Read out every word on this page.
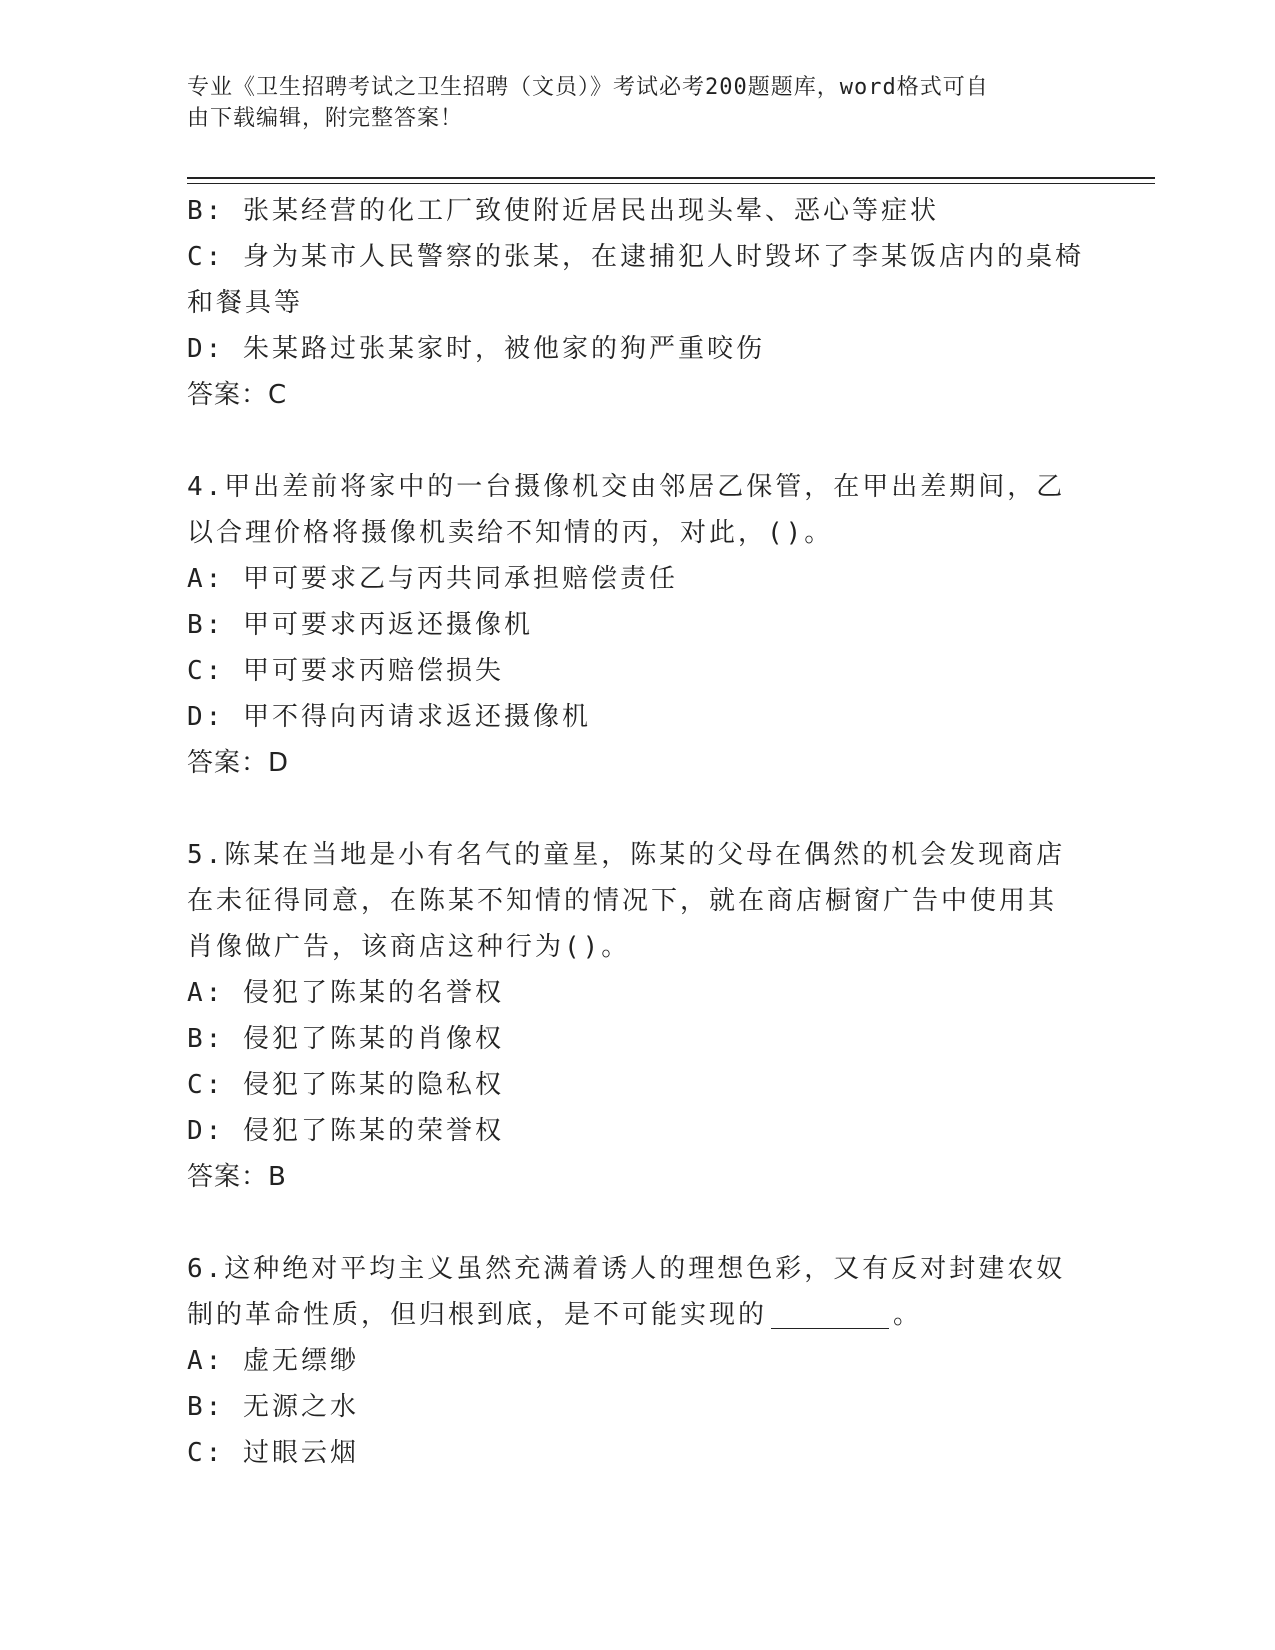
专业《卫生招聘考试之卫生招聘（文员）》考试必考200题题库，word格式可自
由下载编辑，附完整答案！
B: 张某经营的化工厂致使附近居民出现头晕、恶心等症状
C: 身为某市人民警察的张某，在逮捕犯人时毁坏了李某饭店内的桌椅
和餐具等
D: 朱某路过张某家时，被他家的狗严重咬伤
答案：C
4.甲出差前将家中的一台摄像机交由邻居乙保管，在甲出差期间，乙
以合理价格将摄像机卖给不知情的丙，对此，()。
A: 甲可要求乙与丙共同承担赔偿责任
B: 甲可要求丙返还摄像机
C: 甲可要求丙赔偿损失
D: 甲不得向丙请求返还摄像机
答案：D
5.陈某在当地是小有名气的童星，陈某的父母在偶然的机会发现商店
在未征得同意，在陈某不知情的情况下，就在商店橱窗广告中使用其
肖像做广告，该商店这种行为()。
A: 侵犯了陈某的名誉权
B: 侵犯了陈某的肖像权
C: 侵犯了陈某的隐私权
D: 侵犯了陈某的荣誉权
答案：B
6.这种绝对平均主义虽然充满着诱人的理想色彩，又有反对封建农奴
制的革命性质，但归根到底，是不可能实现的	。
A: 虚无缥缈
B: 无源之水
C: 过眼云烟
